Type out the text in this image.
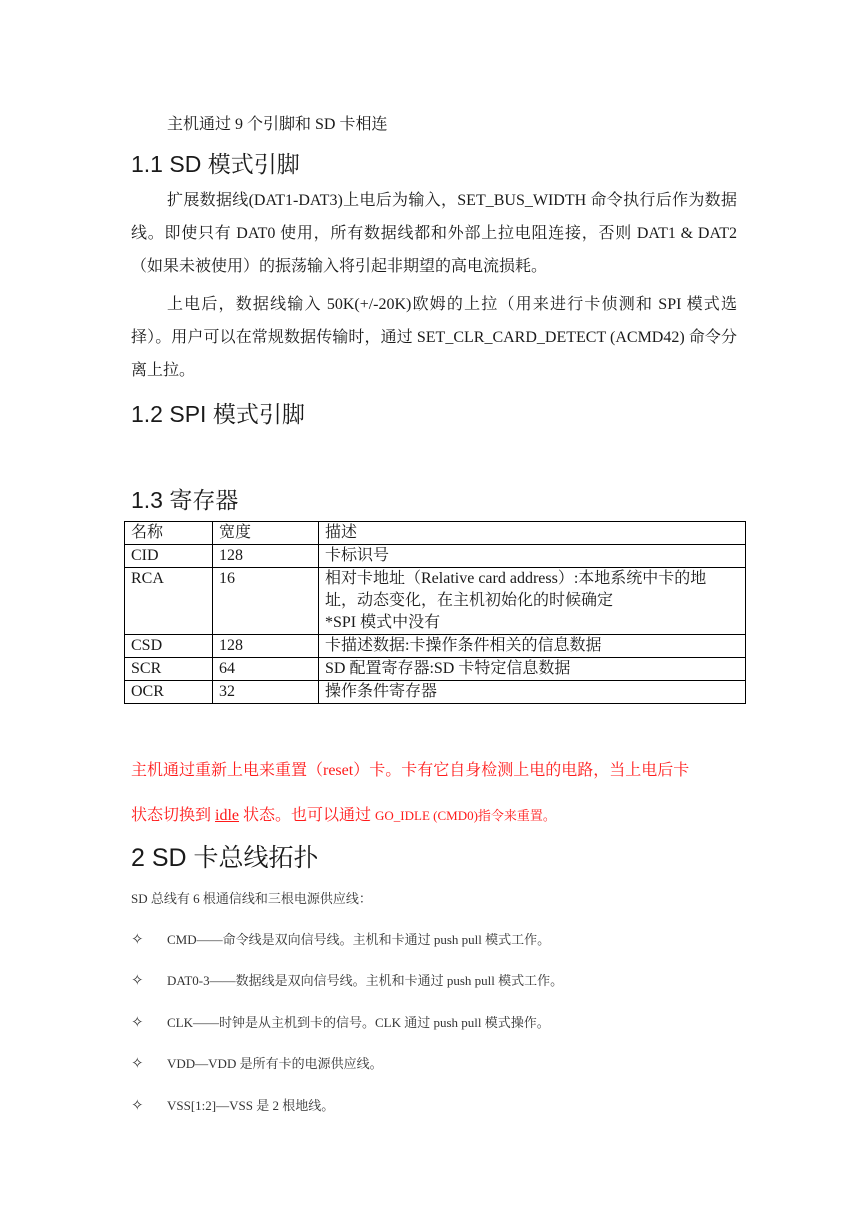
主机通过 9 个引脚和 SD 卡相连
1.1 SD 模式引脚
扩展数据线(DAT1-DAT3)上电后为输入，SET_BUS_WIDTH 命令执行后作为数据线。即使只有 DAT0 使用，所有数据线都和外部上拉电阻连接，否则 DAT1 & DAT2（如果未被使用）的振荡输入将引起非期望的高电流损耗。
上电后，数据线输入 50K(+/-20K)欧姆的上拉（用来进行卡侦测和 SPI 模式选择）。用户可以在常规数据传输时，通过 SET_CLR_CARD_DETECT (ACMD42) 命令分离上拉。
1.2 SPI 模式引脚
1.3 寄存器
名称	宽度	描述
CID	128	卡标识号

RCA	16	相对卡地址（Relative card address）:本地系统中卡的地
址，动态变化，在主机初始化的时候确定
*SPI 模式中没有

CSD	128	卡描述数据:卡操作条件相关的信息数据

SCR	64	SD 配置寄存器:SD 卡特定信息数据

OCR	32	操作条件寄存器
主机通过重新上电来重置（reset）卡。卡有它自身检测上电的电路，当上电后卡
状态切换到 idle 状态。也可以通过 GO_IDLE (CMD0)指令来重置。
2 SD 卡总线拓扑
SD 总线有 6 根通信线和三根电源供应线：
✧ CMD——命令线是双向信号线。主机和卡通过 push pull 模式工作。
✧ DAT0-3——数据线是双向信号线。主机和卡通过 push pull 模式工作。
✧ CLK——时钟是从主机到卡的信号。CLK 通过 push pull 模式操作。
✧ VDD—VDD 是所有卡的电源供应线。
✧ VSS[1:2]—VSS 是 2 根地线。
